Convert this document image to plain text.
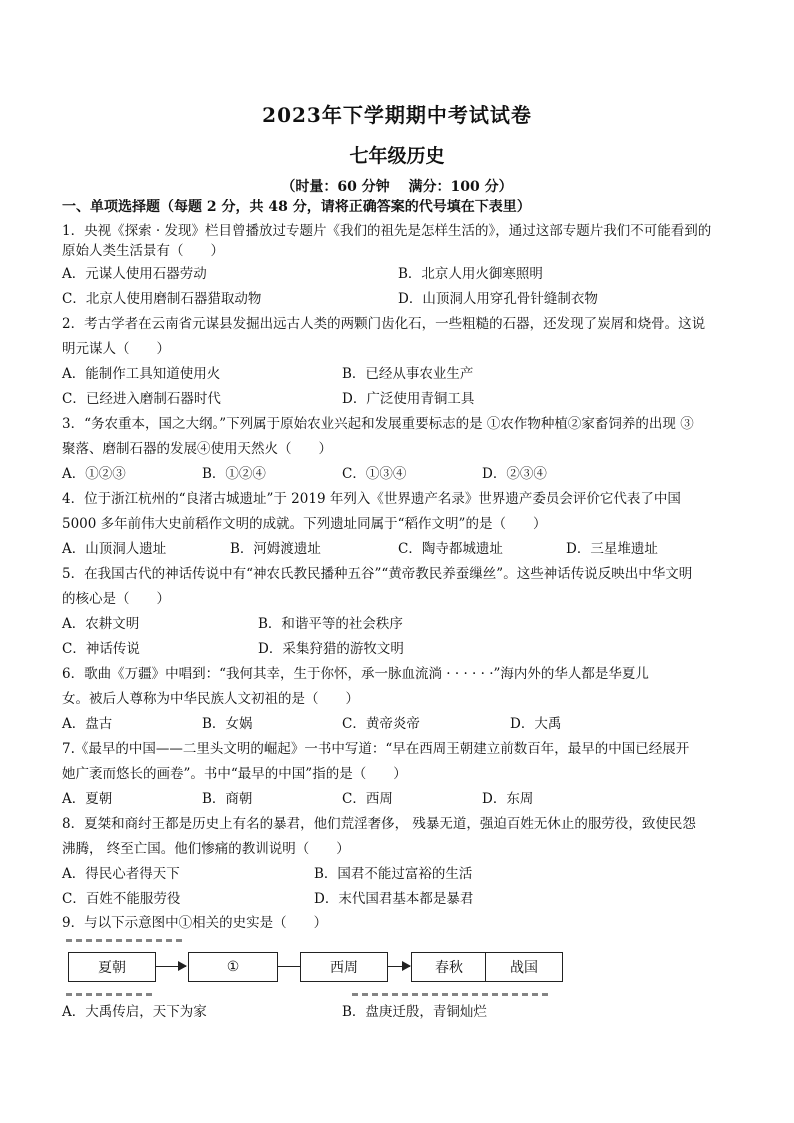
2023年下学期期中考试试卷
七年级历史
（时量：60 分钟　 满分：100 分）
一、单项选择题（每题 2 分，共 48 分，请将正确答案的代号填在下表里）
1．央视《探索 · 发现》栏目曾播放过专题片《我们的祖先是怎样生活的》，通过这部专题片我们不可能看到的
原始人类生活景有（　　）
A．元谋人使用石器劳动	B．北京人用火御寒照明
C．北京人使用磨制石器猎取动物	D．山顶洞人用穿孔骨针缝制衣物
2．考古学者在云南省元谋县发掘出远古人类的两颗门齿化石，一些粗糙的石器，还发现了炭屑和烧骨。这说
明元谋人（　　）
A．能制作工具知道使用火	B．已经从事农业生产
C．已经进入磨制石器时代	D．广泛使用青铜工具
3．“务农重本，国之大纲。”下列属于原始农业兴起和发展重要标志的是 ①农作物种植②家畜饲养的出现 ③
聚落、磨制石器的发展④使用天然火（　　）
A．①②③	B．①②④	C．①③④	D．②③④
4．位于浙江杭州的“良渚古城遗址”于 2019 年列入《世界遗产名录》世界遗产委员会评价它代表了中国
5000 多年前伟大史前稻作文明的成就。下列遗址同属于“稻作文明”的是（　　）
A．山顶洞人遗址	B．河姆渡遗址	C．陶寺都城遗址	D．三星堆遗址
5．在我国古代的神话传说中有“神农氏教民播种五谷”“黄帝教民养蚕缫丝”。这些神话传说反映出中华文明
的核心是（　　）
A．农耕文明	B．和谐平等的社会秩序
C．神话传说	D．采集狩猎的游牧文明
6．歌曲《万疆》中唱到：“我何其幸，生于你怀，承一脉血流淌 · · · · · ·”海内外的华人都是华夏儿
女。被后人尊称为中华民族人文初祖的是（　　）
A．盘古	B．女娲	C．黄帝炎帝	D．大禹
7.《最早的中国——二里头文明的崛起》一书中写道：“早在西周王朝建立前数百年，最早的中国已经展开
她广袤而悠长的画卷”。书中“最早的中国”指的是（　　）
A．夏朝	B．商朝	C．西周	D．东周
8．夏桀和商纣王都是历史上有名的暴君，他们荒淫奢侈， 残暴无道，强迫百姓无休止的服劳役，致使民怨
沸腾， 终至亡国。他们惨痛的教训说明（　　）
A．得民心者得天下	B．国君不能过富裕的生活
C．百姓不能服劳役	D．末代国君基本都是暴君
9．与以下示意图中①相关的史实是（　　）
夏朝	①	西周	春秋	战国
A．大禹传启，天下为家	B．盘庚迁殷，青铜灿烂
